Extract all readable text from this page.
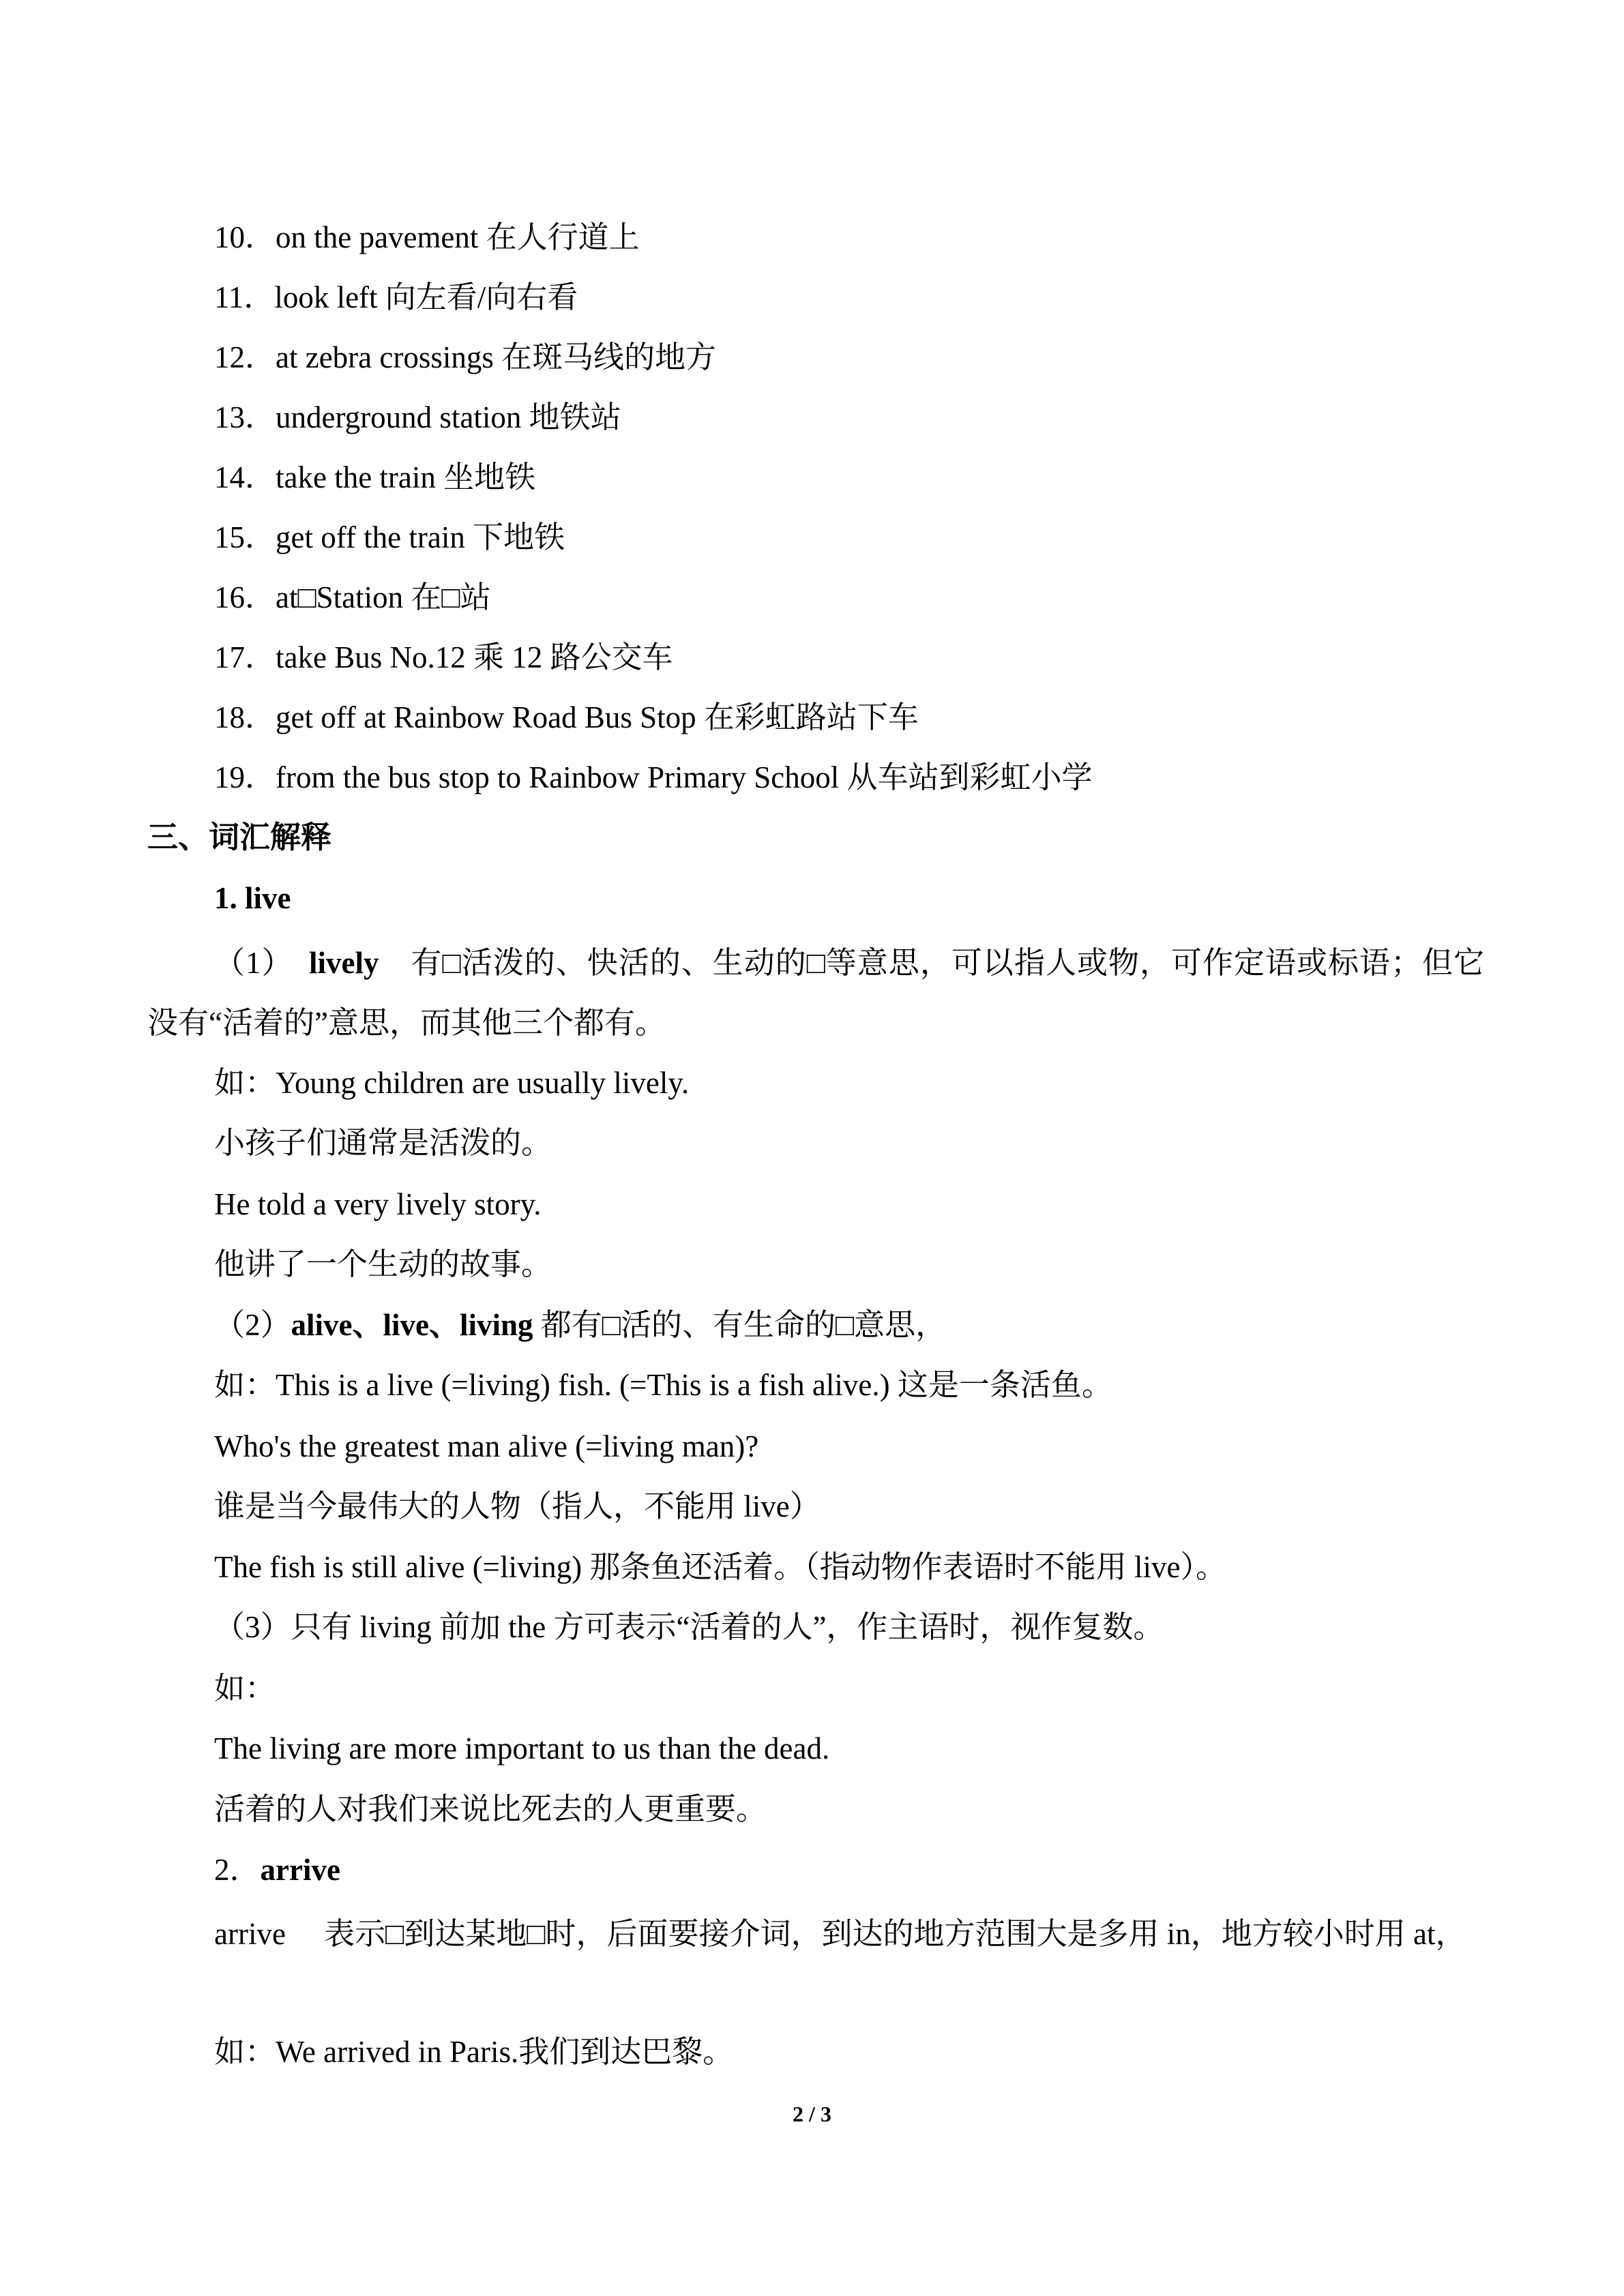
10．on the pavement 在人行道上
11．look left 向左看/向右看
12．at zebra crossings 在斑马线的地方
13．underground station 地铁站
14．take the train 坐地铁
15．get off the train 下地铁
16．at□Station 在□站
17．take Bus No.12 乘 12 路公交车
18．get off at Rainbow Road Bus Stop 在彩虹路站下车
19．from the bus stop to Rainbow Primary School 从车站到彩虹小学
三、词汇解释
1. live
（1）　 lively　 有□活泼的、快活的、生动的□等意思，可以指人或物，可作定语或标语；但它没有“活着的”意思，而其他三个都有。
如：Young children are usually lively.
小孩子们通常是活泼的。
He told a very lively story.
他讲了一个生动的故事。
（2）alive、live、living 都有□活的、有生命的□意思，
如：This is a live (=living) fish. (=This is a fish alive.) 这是一条活鱼。
Who's the greatest man alive (=living man)?
谁是当今最伟大的人物（指人，不能用 live）
The fish is still alive (=living) 那条鱼还活着。（指动物作表语时不能用 live）。
（3）只有 living 前加 the 方可表示“活着的人”，作主语时，视作复数。
如：
The living are more important to us than the dead.
活着的人对我们来说比死去的人更重要。
2．arrive
arrive　 表示□到达某地□时，后面要接介词，到达的地方范围大是多用 in，地方较小时用 at，
如：We arrived in Paris.我们到达巴黎。
2 / 3
